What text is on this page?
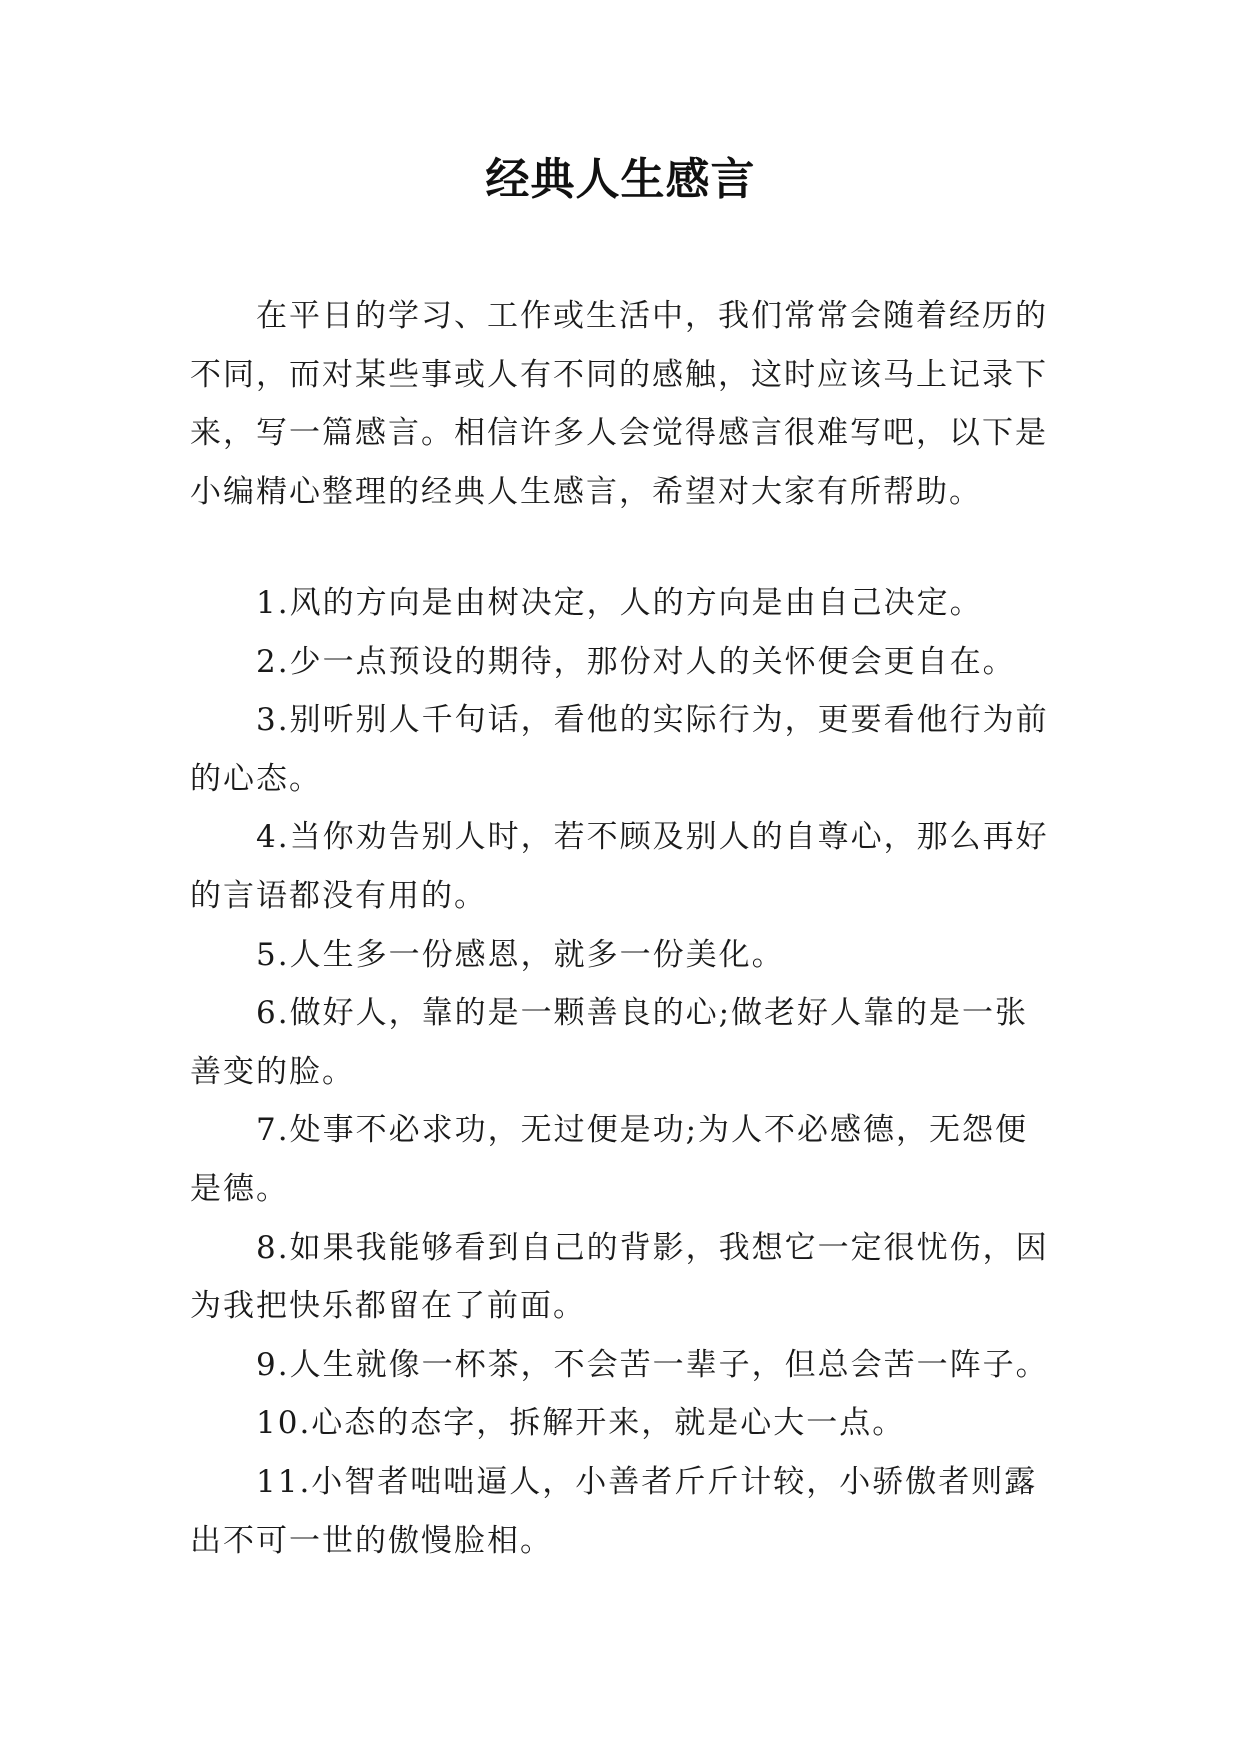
经典人生感言

在平日的学习、工作或生活中，我们常常会随着经历的不同，而对某些事或人有不同的感触，这时应该马上记录下来，写一篇感言。相信许多人会觉得感言很难写吧，以下是小编精心整理的经典人生感言，希望对大家有所帮助。

1.风的方向是由树决定，人的方向是由自己决定。

2.少一点预设的期待，那份对人的关怀便会更自在。

3.别听别人千句话，看他的实际行为，更要看他行为前的心态。

4.当你劝告别人时，若不顾及别人的自尊心，那么再好的言语都没有用的。

5.人生多一份感恩，就多一份美化。

6.做好人，靠的是一颗善良的心;做老好人靠的是一张善变的脸。

7.处事不必求功，无过便是功;为人不必感德，无怨便是德。

8.如果我能够看到自己的背影，我想它一定很忧伤，因为我把快乐都留在了前面。

9.人生就像一杯茶，不会苦一辈子，但总会苦一阵子。

10.心态的态字，拆解开来，就是心大一点。

11.小智者咄咄逼人，小善者斤斤计较，小骄傲者则露出不可一世的傲慢脸相。
